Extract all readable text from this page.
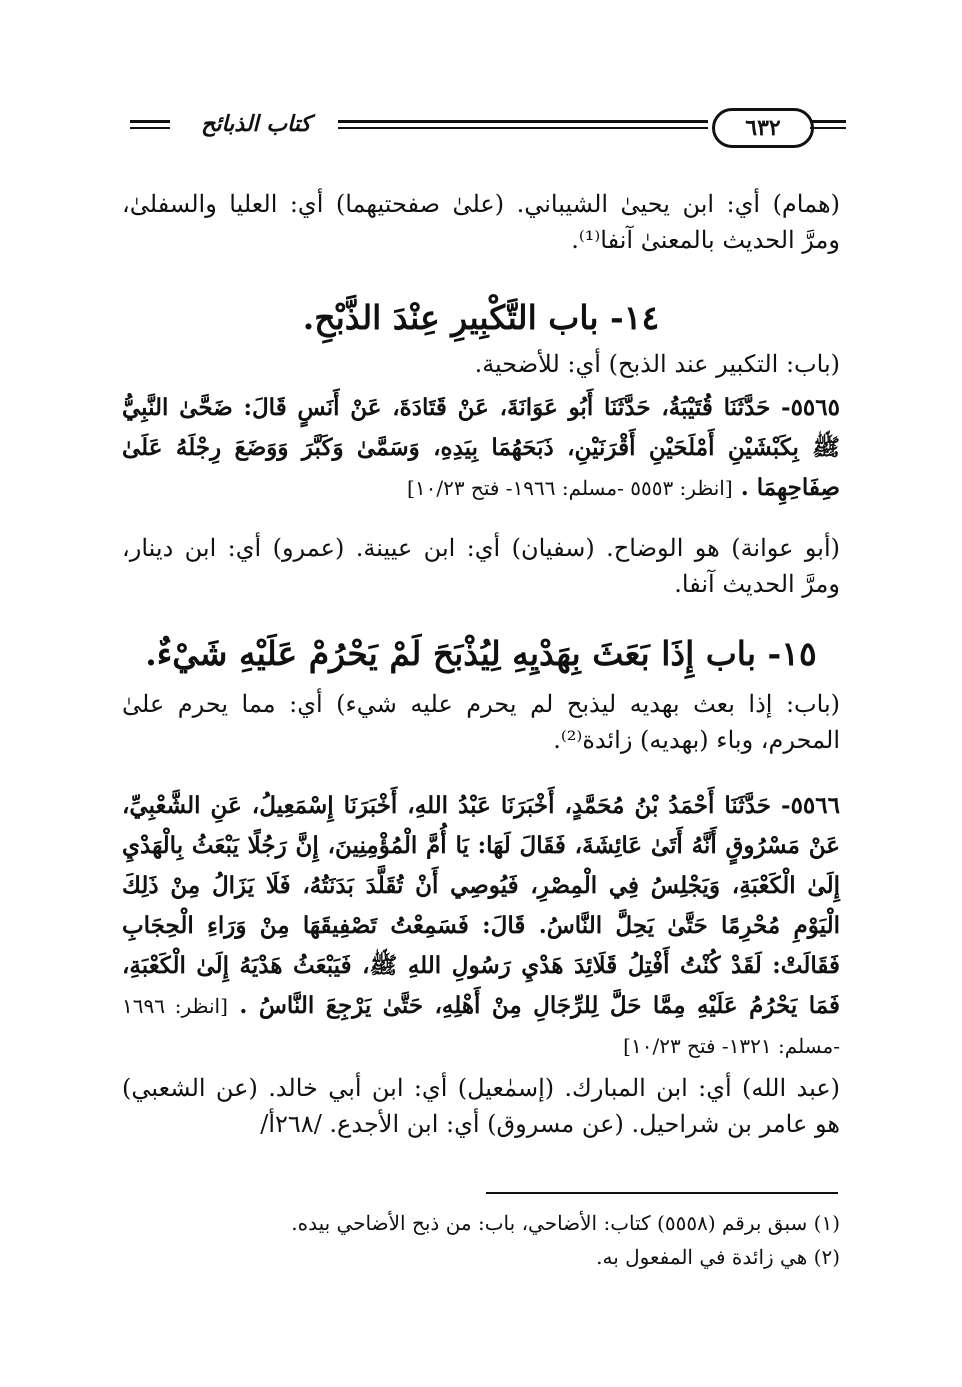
كتاب الذبائح	٦٣٢

(همام) أي: ابن يحيىٰ الشيباني. (علىٰ صفحتيهما) أي: العليا والسفلىٰ، ومرَّ الحديث بالمعنىٰ آنفا⁽¹⁾.

١٤- باب التَّكْبِيرِ عِنْدَ الذَّبْحِ.

(باب: التكبير عند الذبح) أي: للأضحية.

٥٥٦٥- حَدَّثَنَا قُتَيْبَةُ، حَدَّثَنَا أَبُو عَوَانَةَ، عَنْ قَتَادَةَ، عَنْ أَنَسٍ قَالَ: ضَحَّىٰ النَّبِيُّ ﷺ بِكَبْشَيْنِ أَمْلَحَيْنِ أَقْرَنَيْنِ، ذَبَحَهُمَا بِيَدِهِ، وَسَمَّىٰ وَكَبَّرَ وَوَضَعَ رِجْلَهُ عَلَىٰ صِفَاحِهِمَا . [انظر: ٥٥٥٣ -مسلم: ١٩٦٦- فتح ١٠/٢٣]

(أبو عوانة) هو الوضاح. (سفيان) أي: ابن عيينة. (عمرو) أي: ابن دينار، ومرَّ الحديث آنفا.

١٥- باب إِذَا بَعَثَ بِهَدْيِهِ لِيُذْبَحَ لَمْ يَحْرُمْ عَلَيْهِ شَيْءٌ.

(باب: إذا بعث بهديه ليذبح لم يحرم عليه شيء) أي: مما يحرم علىٰ المحرم، وباء (بهديه) زائدة⁽²⁾.

٥٥٦٦- حَدَّثَنَا أَحْمَدُ بْنُ مُحَمَّدٍ، أَخْبَرَنَا عَبْدُ اللهِ، أَخْبَرَنَا إِسْمَعِيلُ، عَنِ الشَّعْبِيِّ، عَنْ مَسْرُوقٍ أَنَّهُ أَتَىٰ عَائِشَةَ، فَقَالَ لَهَا: يَا أُمَّ الْمُؤْمِنِينَ، إِنَّ رَجُلًا يَبْعَثُ بِالْهَدْيِ إِلَىٰ الْكَعْبَةِ، وَيَجْلِسُ فِي الْمِصْرِ، فَيُوصِي أَنْ تُقَلَّدَ بَدَنَتُهُ، فَلَا يَزَالُ مِنْ ذَلِكَ الْيَوْمِ مُحْرِمًا حَتَّىٰ يَحِلَّ النَّاسُ. قَالَ: فَسَمِعْتُ تَصْفِيقَهَا مِنْ وَرَاءِ الْحِجَابِ فَقَالَتْ: لَقَدْ كُنْتُ أَفْتِلُ قَلَائِدَ هَدْيِ رَسُولِ اللهِ ﷺ، فَيَبْعَثُ هَدْيَهُ إِلَىٰ الْكَعْبَةِ، فَمَا يَحْرُمُ عَلَيْهِ مِمَّا حَلَّ لِلرِّجَالِ مِنْ أَهْلِهِ، حَتَّىٰ يَرْجِعَ النَّاسُ . [انظر: ١٦٩٦ -مسلم: ١٣٢١- فتح ١٠/٢٣]

(عبد الله) أي: ابن المبارك. (إسمٰعيل) أي: ابن أبي خالد. (عن الشعبي) هو عامر بن شراحيل. (عن مسروق) أي: ابن الأجدع. /٢٦٨أ/

(١) سبق برقم (٥٥٥٨) كتاب: الأضاحي، باب: من ذبح الأضاحي بيده.

(٢) هي زائدة في المفعول به.
